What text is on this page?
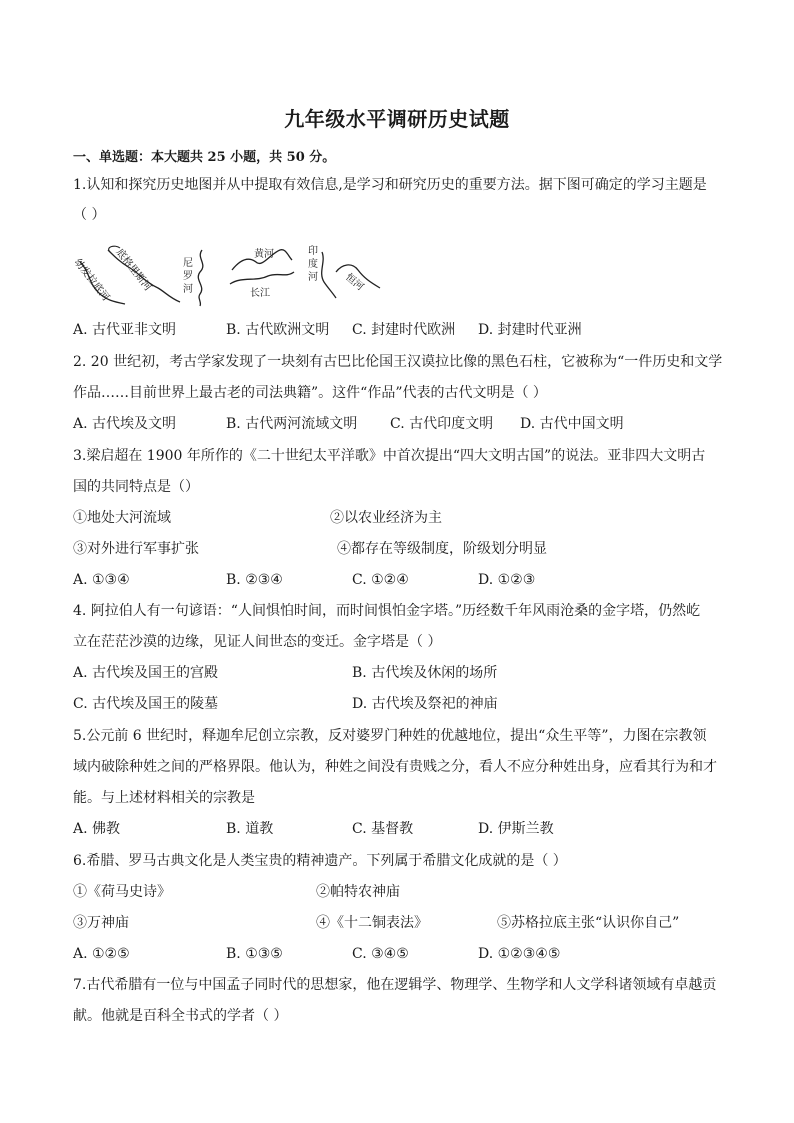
九年级水平调研历史试题
一、单选题：本大题共 25 小题，共 50 分。
1.认知和探究历史地图并从中提取有效信息,是学习和研究历史的重要方法。据下图可确定的学习主题是
（ ）
幼发拉底河 底格里斯河	尼
罗
河
黄河
长江
印
度
河	恒河
A. 古代亚非文明	B. 古代欧洲文明 C. 封建时代欧洲 D. 封建时代亚洲
2. 20 世纪初，考古学家发现了一块刻有古巴比伦国王汉谟拉比像的黑色石柱，它被称为“一件历史和文学
作品……目前世界上最古老的司法典籍”。这件“作品”代表的古代文明是（ ）
A. 古代埃及文明	B. 古代两河流域文明 C. 古代印度文明 D. 古代中国文明
3.梁启超在 1900 年所作的《二十世纪太平洋歌》中首次提出“四大文明古国”的说法。亚非四大文明古
国的共同特点是（）
①地处大河流域	②以农业经济为主
③对外进行军事扩张	④都存在等级制度，阶级划分明显
A. ①③④	B. ②③④	C. ①②④	D. ①②③
4. 阿拉伯人有一句谚语：“人间惧怕时间，而时间惧怕金字塔。”历经数千年风雨沧桑的金字塔，仍然屹
立在茫茫沙漠的边缘，见证人间世态的变迁。金字塔是（ ）
A. 古代埃及国王的宫殿	B. 古代埃及休闲的场所
C. 古代埃及国王的陵墓	D. 古代埃及祭祀的神庙
5.公元前 6 世纪时，释迦牟尼创立宗教，反对婆罗门种姓的优越地位，提出“众生平等”，力图在宗教领
域内破除种姓之间的严格界限。他认为，种姓之间没有贵贱之分，看人不应分种姓出身，应看其行为和才
能。与上述材料相关的宗教是
A. 佛教	B. 道教	C. 基督教	D. 伊斯兰教
6.希腊、罗马古典文化是人类宝贵的精神遗产。下列属于希腊文化成就的是（ ）
①《荷马史诗》	②帕特农神庙
③万神庙	④《十二铜表法》	⑤苏格拉底主张“认识你自己”
A. ①②⑤	B. ①③⑤	C. ③④⑤	D. ①②③④⑤
7.古代希腊有一位与中国孟子同时代的思想家，他在逻辑学、物理学、生物学和人文学科诸领域有卓越贡
献。他就是百科全书式的学者（ ）
